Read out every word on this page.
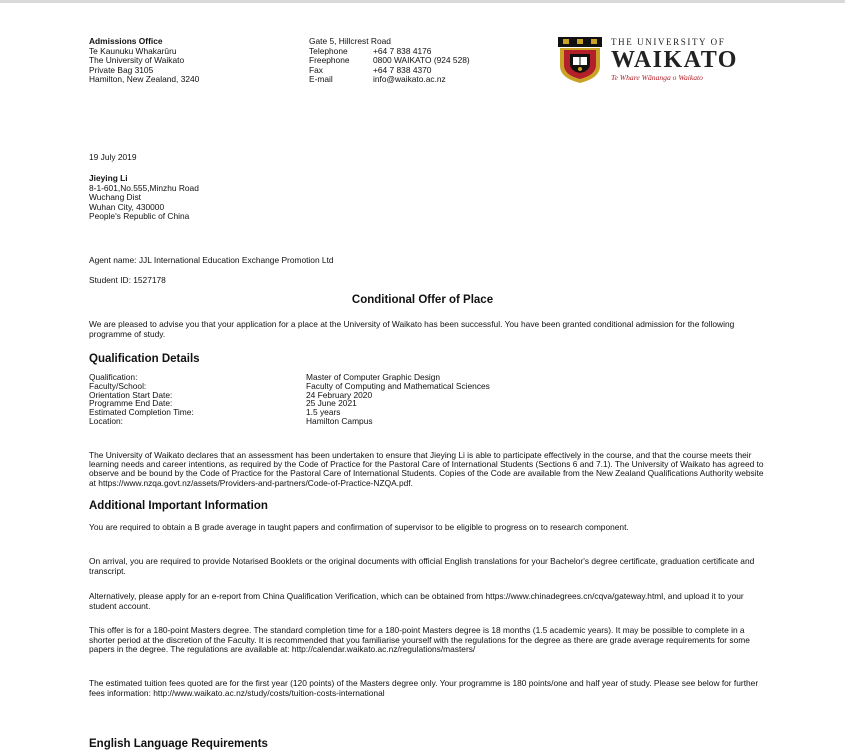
Admissions Office
Te Kaunuku Whakarūru
The University of Waikato
Private Bag 3105
Hamilton, New Zealand, 3240
Gate 5, Hillcrest Road
Telephone	+64 7 838 4176
Freephone	0800 WAIKATO (924 528)
Fax	+64 7 838 4370
E-mail	info@waikato.ac.nz
THE UNIVERSITY OF
WAIKATO
Te Whare Wānanga o Waikato
19 July 2019
Jieying Li
8-1-601,No.555,Minzhu Road
Wuchang Dist
Wuhan City, 430000
People's Republic of China
Agent name: JJL International Education Exchange Promotion Ltd
Student ID: 1527178
Conditional Offer of Place
We are pleased to advise you that your application for a place at the University of Waikato has been successful. You have been granted conditional admission for the following programme of study.
Qualification Details
Qualification:	Master of Computer Graphic Design
Faculty/School:	Faculty of Computing and Mathematical Sciences
Orientation Start Date:	24 February 2020
Programme End Date:	25 June 2021
Estimated Completion Time:	1.5 years
Location:	Hamilton Campus
The University of Waikato declares that an assessment has been undertaken to ensure that Jieying Li is able to participate effectively in the course, and that the course meets their learning needs and career intentions, as required by the Code of Practice for the Pastoral Care of International Students (Sections 6 and 7.1). The University of Waikato has agreed to observe and be bound by the Code of Practice for the Pastoral Care of International Students. Copies of the Code are available from the New Zealand Qualifications Authority website at https://www.nzqa.govt.nz/assets/Providers-and-partners/Code-of-Practice-NZQA.pdf.
Additional Important Information
You are required to obtain a B grade average in taught papers and confirmation of supervisor to be eligible to progress on to research component.
On arrival, you are required to provide Notarised Booklets or the original documents with official English translations for your Bachelor's degree certificate, graduation certificate and transcript.
Alternatively, please apply for an e-report from China Qualification Verification, which can be obtained from https://www.chinadegrees.cn/cqva/gateway.html, and upload it to your student account.
This offer is for a 180-point Masters degree. The standard completion time for a 180-point Masters degree is 18 months (1.5 academic years). It may be possible to complete in a shorter period at the discretion of the Faculty. It is recommended that you familiarise yourself with the regulations for the degree as there are grade average requirements for some papers in the degree. The regulations are available at: http://calendar.waikato.ac.nz/regulations/masters/
The estimated tuition fees quoted are for the first year (120 points) of the Masters degree only. Your programme is 180 points/one and half year of study. Please see below for further fees information: http://www.waikato.ac.nz/study/costs/tuition-costs-international
English Language Requirements
